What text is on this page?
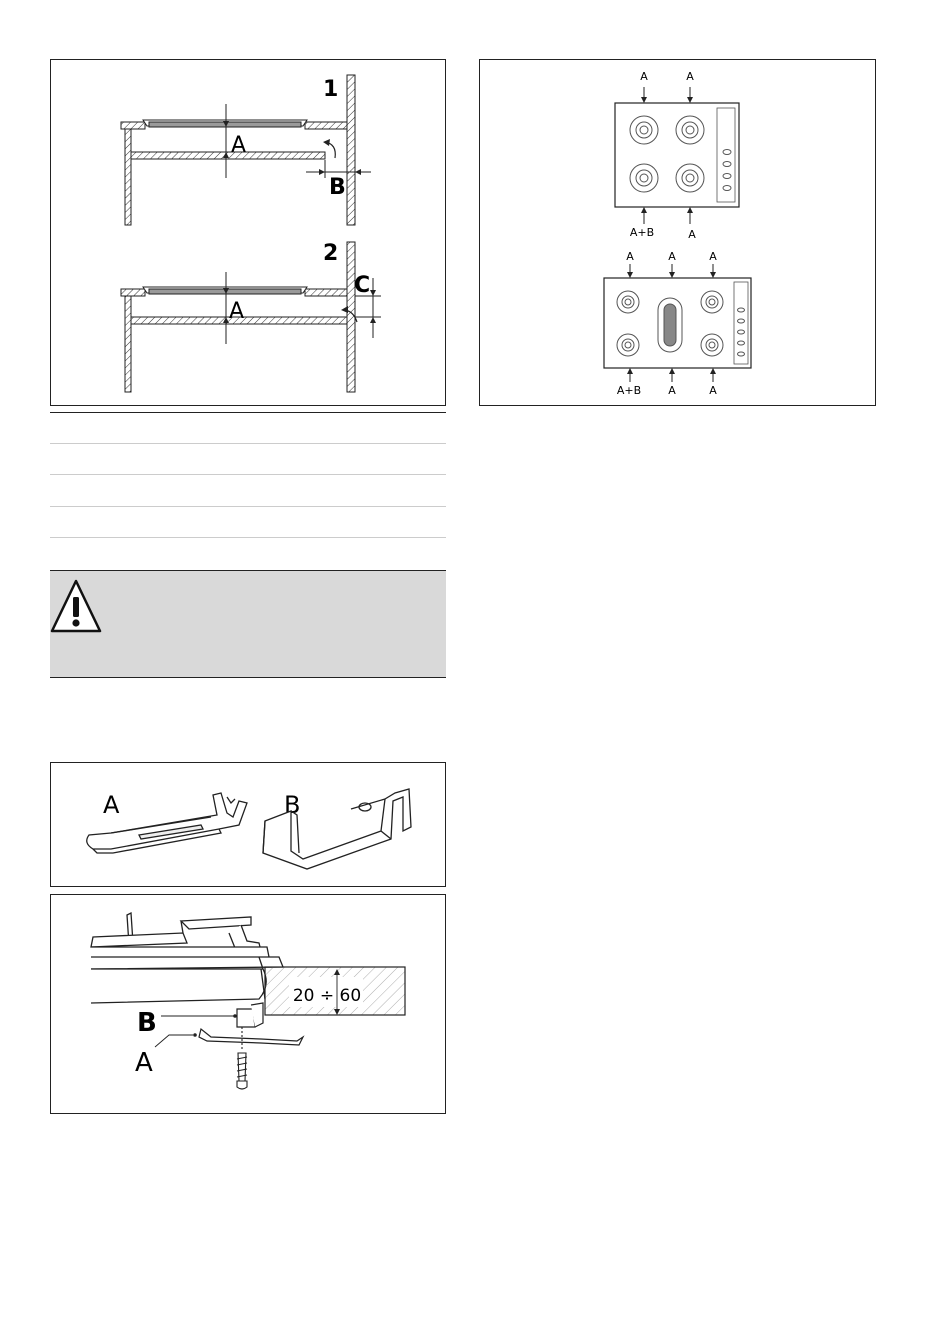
1
A
B
2
A
C
A	A
A+B	A
A	A	A
A+B A	A
A	B
20 ÷ 60
B
A
